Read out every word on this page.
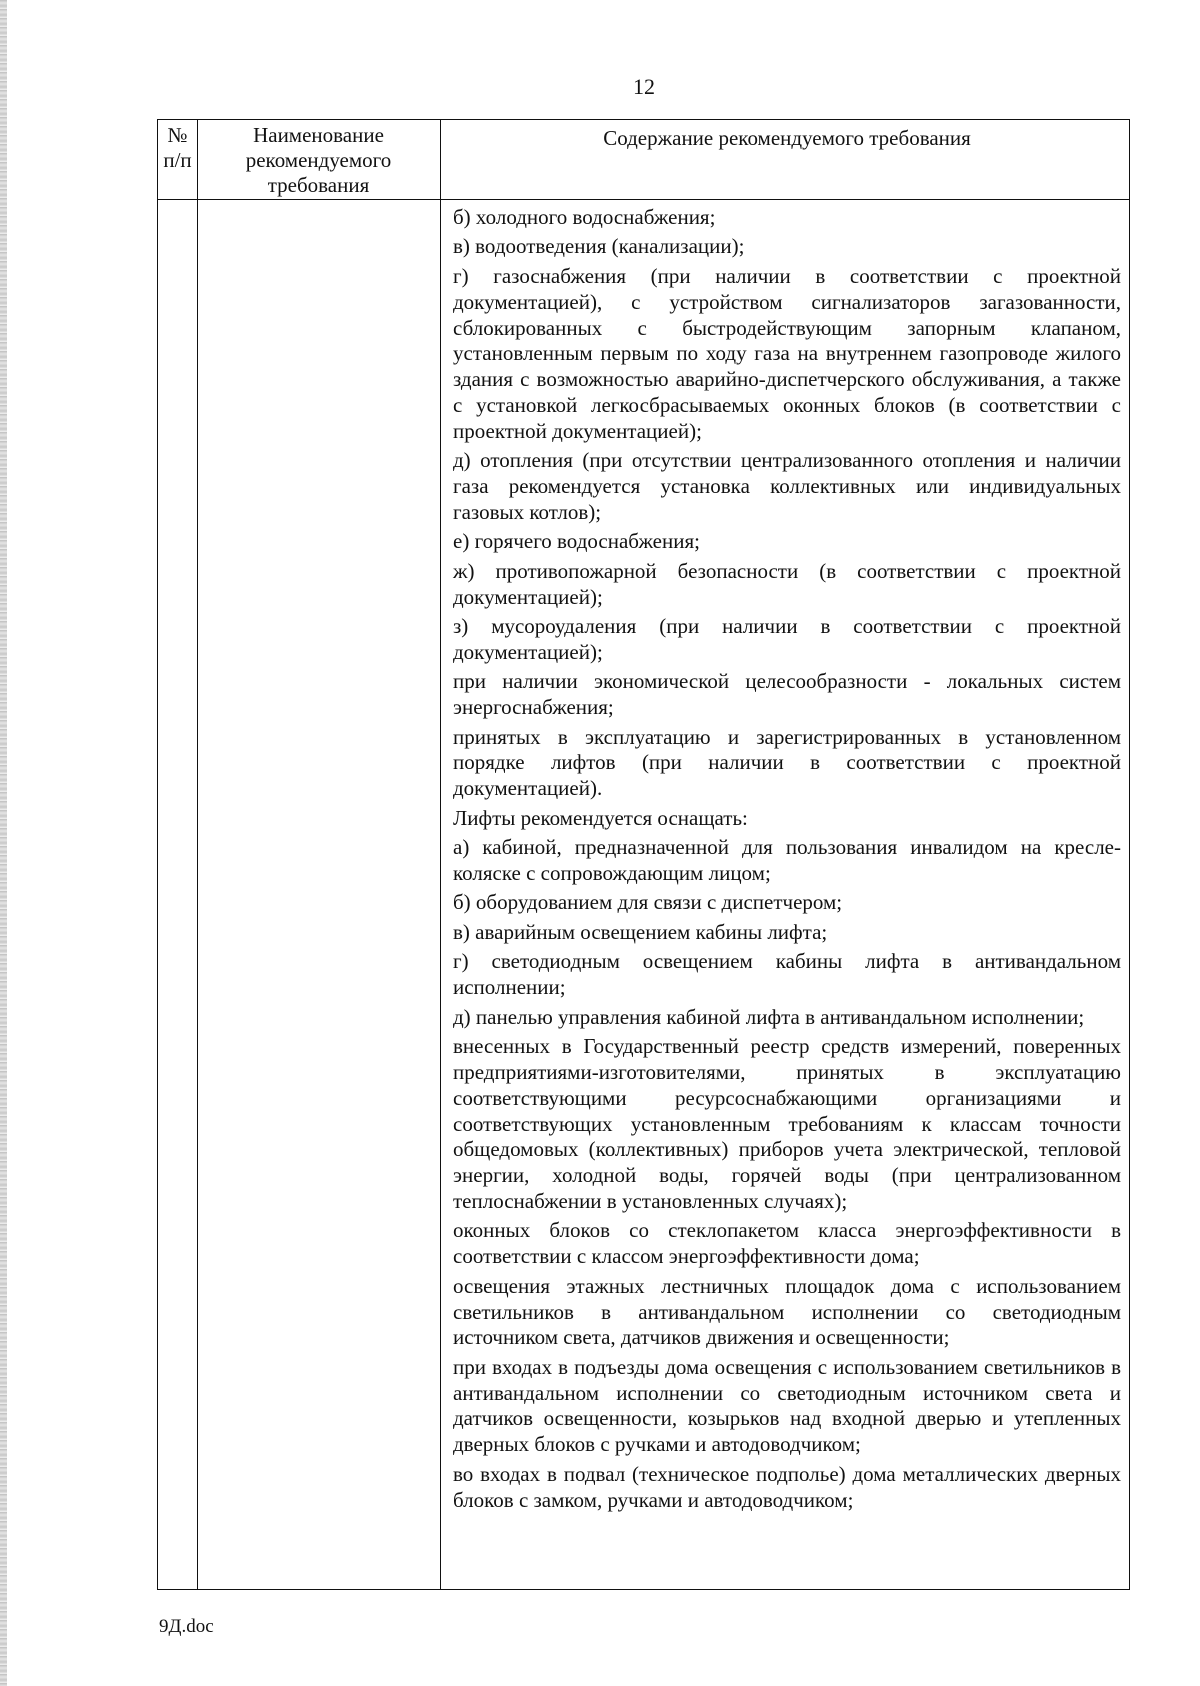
12
№ п/п
Наименование рекомендуемого требования
Содержание рекомендуемого требования

б) холодного водоснабжения;

в) водоотведения (канализации);

г) газоснабжения (при наличии в соответствии с проектной документацией), с устройством сигнализаторов загазованности, сблокированных с быстродействующим запорным клапаном, установленным первым по ходу газа на внутреннем газопроводе жилого здания с возможностью аварийно-диспетчерского обслуживания, а также с установкой легкосбрасываемых оконных блоков (в соответствии с проектной документацией);

д) отопления (при отсутствии централизованного отопления и наличии газа рекомендуется установка коллективных или индивидуальных газовых котлов);

е) горячего водоснабжения;

ж) противопожарной безопасности (в соответствии с проектной документацией);

з) мусороудаления (при наличии в соответствии с проектной документацией);

при наличии экономической целесообразности - локальных систем энергоснабжения;

принятых в эксплуатацию и зарегистрированных в установленном порядке лифтов (при наличии в соответствии с проектной документацией).

Лифты рекомендуется оснащать:

а) кабиной, предназначенной для пользования инвалидом на кресле-коляске с сопровождающим лицом;

б) оборудованием для связи с диспетчером;

в) аварийным освещением кабины лифта;

г) светодиодным освещением кабины лифта в антивандальном исполнении;

д) панелью управления кабиной лифта в антивандальном исполнении;

внесенных в Государственный реестр средств измерений, поверенных предприятиями-изготовителями, принятых в эксплуатацию соответствующими ресурсоснабжающими организациями и соответствующих установленным требованиям к классам точности общедомовых (коллективных) приборов учета электрической, тепловой энергии, холодной воды, горячей воды (при централизованном теплоснабжении в установленных случаях);

оконных блоков со стеклопакетом класса энергоэффективности в соответствии с классом энергоэффективности дома;

освещения этажных лестничных площадок дома с использованием светильников в антивандальном исполнении со светодиодным источником света, датчиков движения и освещенности;

при входах в подъезды дома освещения с использованием светильников в антивандальном исполнении со светодиодным источником света и датчиков освещенности, козырьков над входной дверью и утепленных дверных блоков с ручками и автодоводчиком;

во входах в подвал (техническое подполье) дома металлических дверных блоков с замком, ручками и автодоводчиком;

9Д.doc
